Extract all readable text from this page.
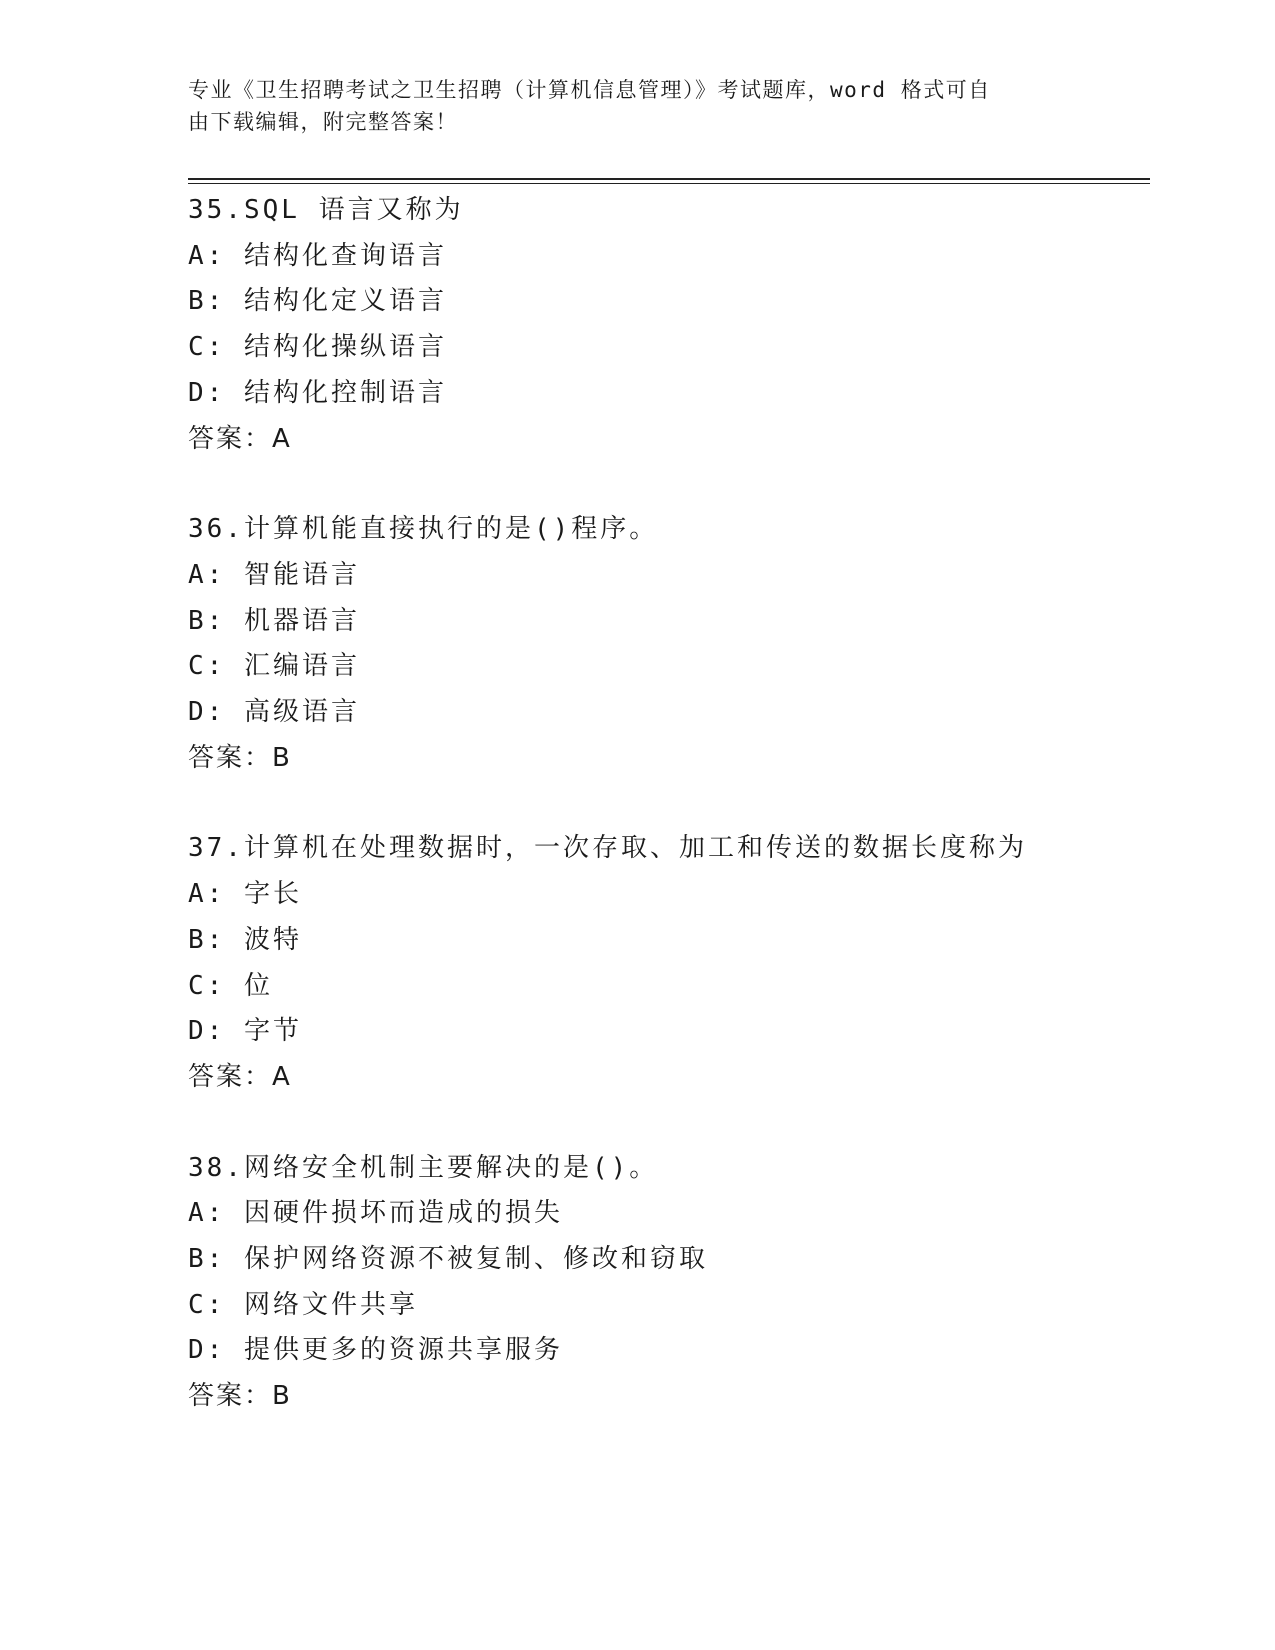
专业《卫生招聘考试之卫生招聘（计算机信息管理）》考试题库，word 格式可自
由下载编辑，附完整答案！
35.SQL 语言又称为
A: 结构化查询语言
B: 结构化定义语言
C: 结构化操纵语言
D: 结构化控制语言
答案：A
36.计算机能直接执行的是()程序。
A: 智能语言
B: 机器语言
C: 汇编语言
D: 高级语言
答案：B
37.计算机在处理数据时，一次存取、加工和传送的数据长度称为
A: 字长
B: 波特
C: 位
D: 字节
答案：A
38.网络安全机制主要解决的是()。
A: 因硬件损坏而造成的损失
B: 保护网络资源不被复制、修改和窃取
C: 网络文件共享
D: 提供更多的资源共享服务
答案：B
